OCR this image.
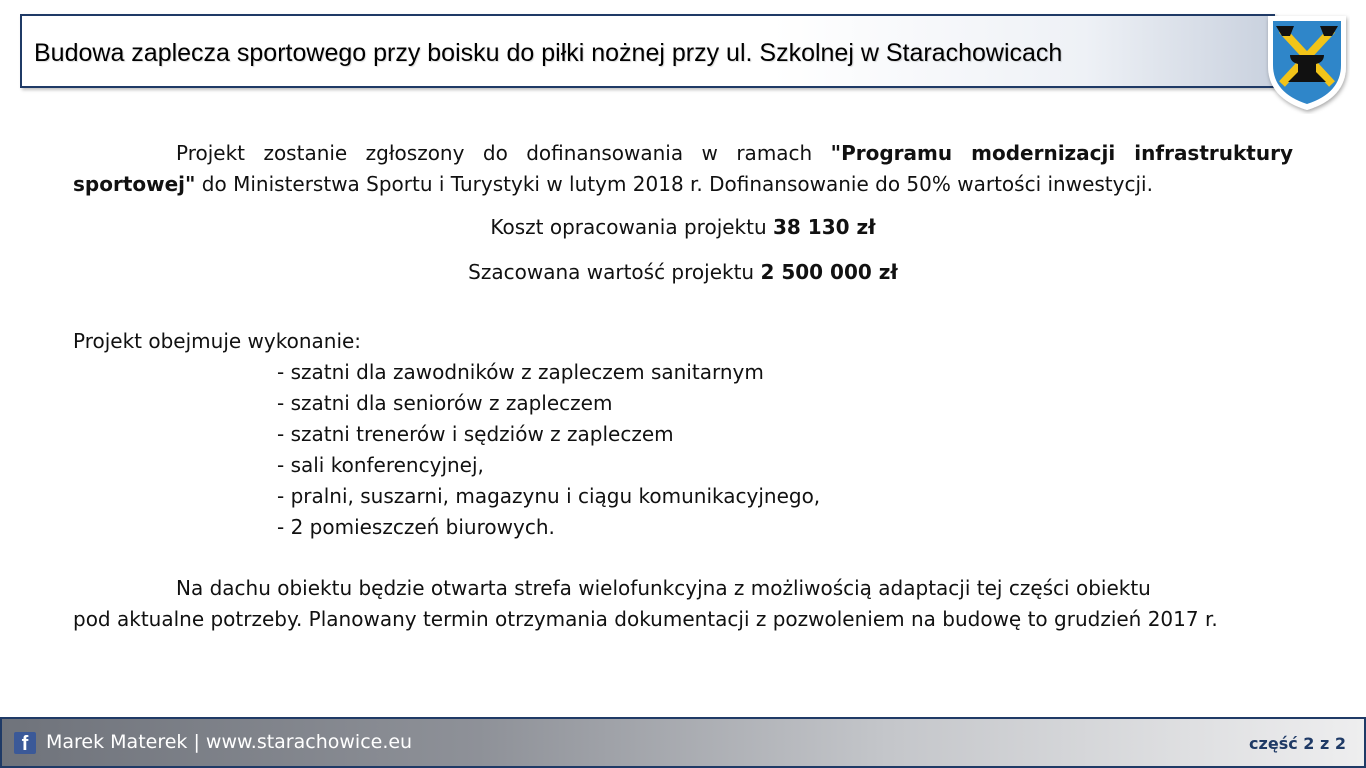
Budowa zaplecza sportowego przy boisku do piłki nożnej przy ul. Szkolnej w Starachowicach

Projekt zostanie zgłoszony do dofinansowania w ramach "Programu modernizacji infrastruktury sportowej" do Ministerstwa Sportu i Turystyki w lutym 2018 r. Dofinansowanie do 50% wartości inwestycji.

Koszt opracowania projektu 38 130 zł

Szacowana wartość projektu 2 500 000 zł

Projekt obejmuje wykonanie:

- szatni dla zawodników z zapleczem sanitarnym
- szatni dla seniorów z zapleczem
- szatni trenerów i sędziów z zapleczem
- sali konferencyjnej,
- pralni, suszarni, magazynu i ciągu komunikacyjnego,
- 2 pomieszczeń biurowych.
Na dachu obiektu będzie otwarta strefa wielofunkcyjna z możliwością adaptacji tej części obiektu
pod aktualne potrzeby. Planowany termin otrzymania dokumentacji z pozwoleniem na budowę to grudzień 2017 r.
f Marek Materek | www.starachowice.eu	część 2 z 2
